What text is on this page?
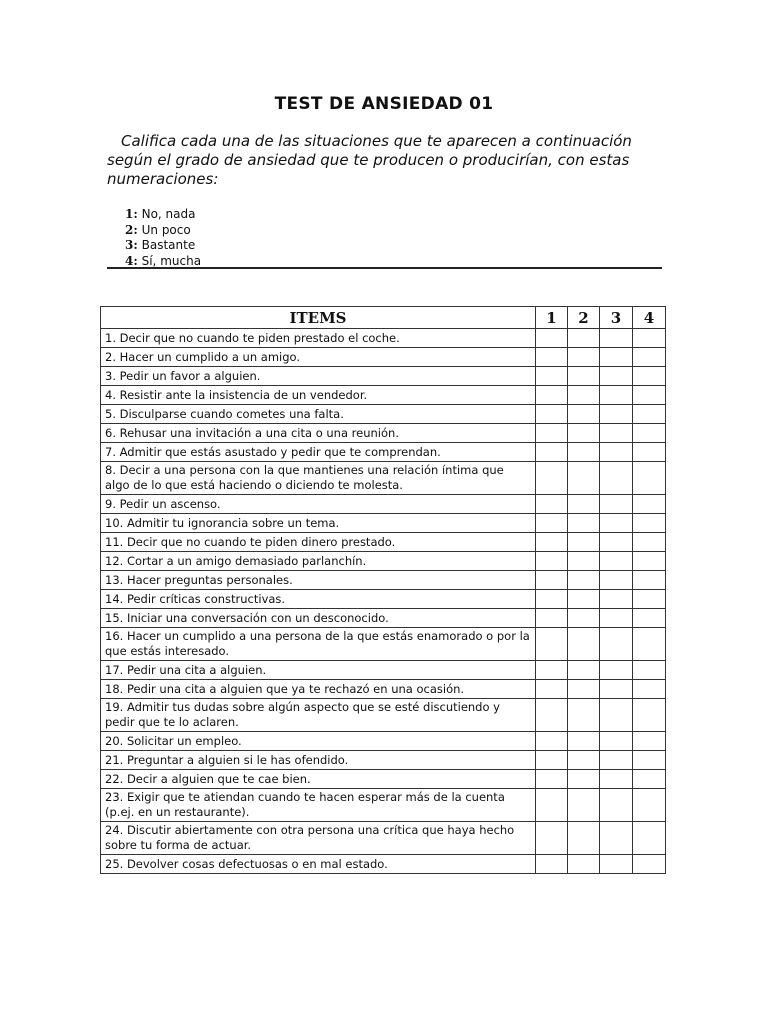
TEST DE ANSIEDAD 01
Califica cada una de las situaciones que te aparecen a continuación según el grado de ansiedad que te producen o producirían, con estas numeraciones:
1: No, nada
2: Un poco
3: Bastante
4: Sí, mucha
ITEMS	1	2	3	4
1. Decir que no cuando te piden prestado el coche.				
2. Hacer un cumplido a un amigo.				
3. Pedir un favor a alguien.				
4. Resistir ante la insistencia de un vendedor.				
5. Disculparse cuando cometes una falta.				
6. Rehusar una invitación a una cita o una reunión.				
7. Admitir que estás asustado y pedir que te comprendan.				
8. Decir a una persona con la que mantienes una relación íntima que algo de lo que está haciendo o diciendo te molesta.				
9. Pedir un ascenso.				
10. Admitir tu ignorancia sobre un tema.				
11. Decir que no cuando te piden dinero prestado.				
12. Cortar a un amigo demasiado parlanchín.				
13. Hacer preguntas personales.				
14. Pedir críticas constructivas.				
15. Iniciar una conversación con un desconocido.				
16. Hacer un cumplido a una persona de la que estás enamorado o por la que estás interesado.				
17. Pedir una cita a alguien.				
18. Pedir una cita a alguien que ya te rechazó en una ocasión.				
19. Admitir tus dudas sobre algún aspecto que se esté discutiendo y pedir que te lo aclaren.				
20. Solicitar un empleo.				
21. Preguntar a alguien si le has ofendido.				
22. Decir a alguien que te cae bien.				
23. Exigir que te atiendan cuando te hacen esperar más de la cuenta (p.ej. en un restaurante).				
24. Discutir abiertamente con otra persona una crítica que haya hecho sobre tu forma de actuar.				
25. Devolver cosas defectuosas o en mal estado.				
